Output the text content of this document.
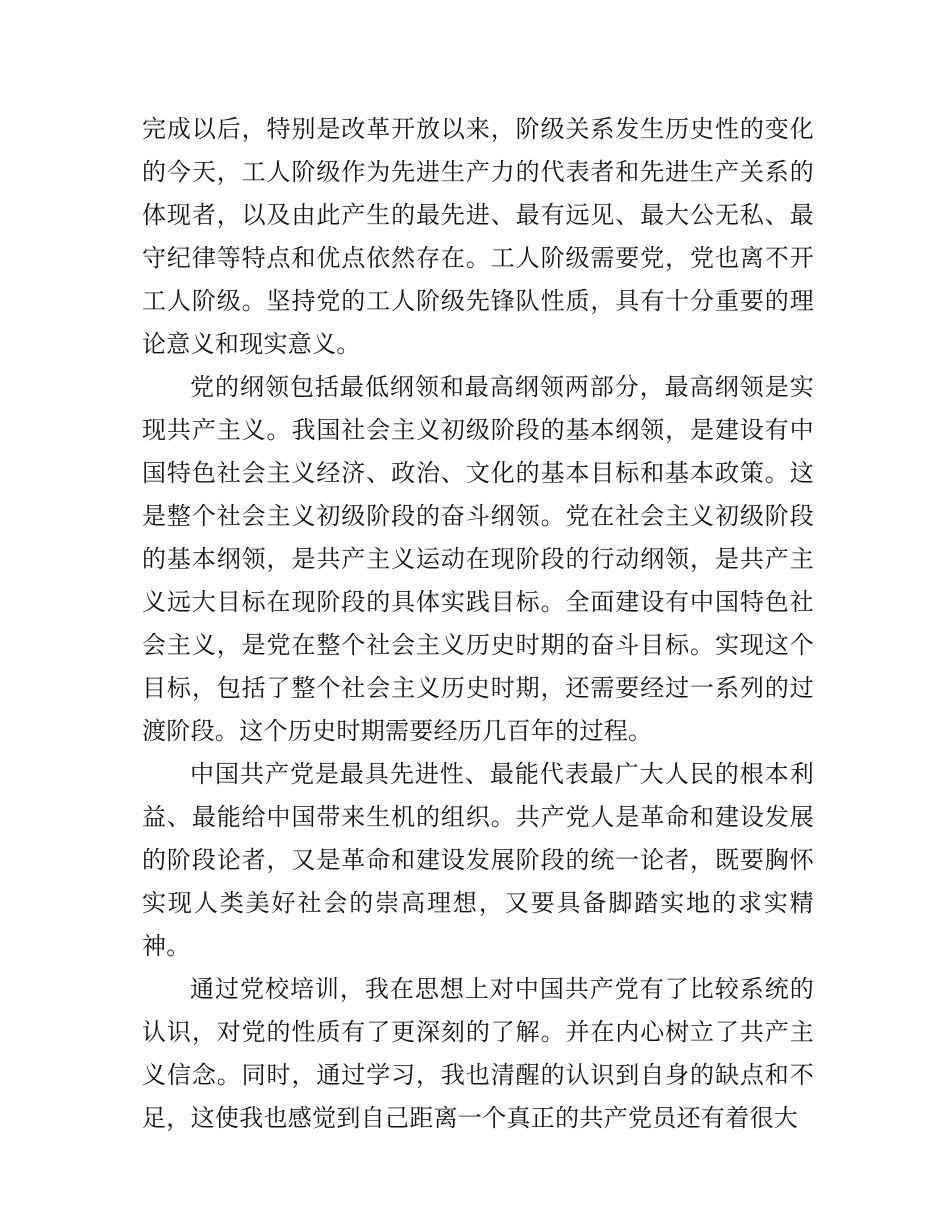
完成以后，特别是改革开放以来，阶级关系发生历史性的变化的今天，工人阶级作为先进生产力的代表者和先进生产关系的体现者，以及由此产生的最先进、最有远见、最大公无私、最守纪律等特点和优点依然存在。工人阶级需要党，党也离不开工人阶级。坚持党的工人阶级先锋队性质，具有十分重要的理论意义和现实意义。

党的纲领包括最低纲领和最高纲领两部分，最高纲领是实现共产主义。我国社会主义初级阶段的基本纲领，是建设有中国特色社会主义经济、政治、文化的基本目标和基本政策。这是整个社会主义初级阶段的奋斗纲领。党在社会主义初级阶段的基本纲领，是共产主义运动在现阶段的行动纲领，是共产主义远大目标在现阶段的具体实践目标。全面建设有中国特色社会主义，是党在整个社会主义历史时期的奋斗目标。实现这个目标，包括了整个社会主义历史时期，还需要经过一系列的过渡阶段。这个历史时期需要经历几百年的过程。

中国共产党是最具先进性、最能代表最广大人民的根本利益、最能给中国带来生机的组织。共产党人是革命和建设发展的阶段论者，又是革命和建设发展阶段的统一论者，既要胸怀实现人类美好社会的崇高理想，又要具备脚踏实地的求实精神。

通过党校培训，我在思想上对中国共产党有了比较系统的认识，对党的性质有了更深刻的了解。并在内心树立了共产主义信念。同时，通过学习，我也清醒的认识到自身的缺点和不足，这使我也感觉到自己距离一个真正的共产党员还有着很大
